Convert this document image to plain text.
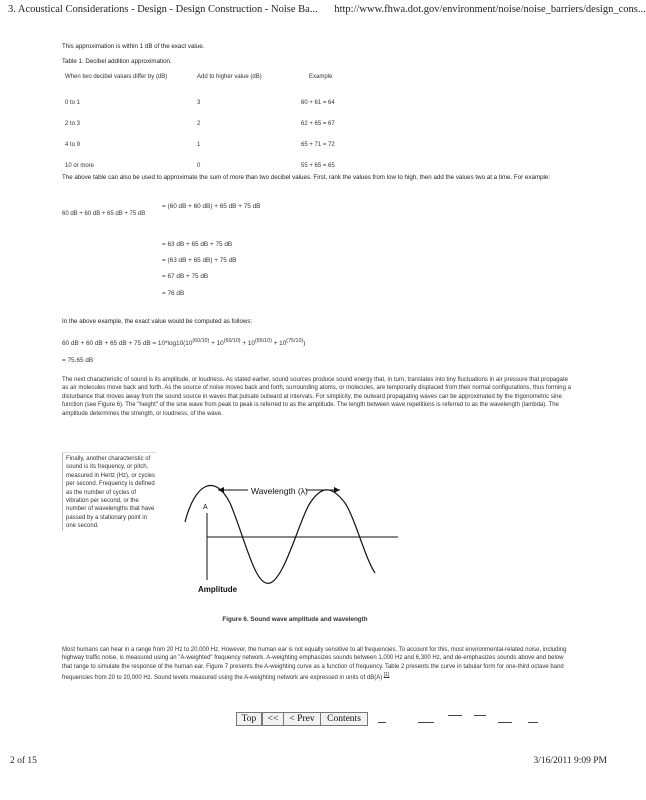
3. Acoustical Considerations - Design - Design Construction - Noise Ba... http://www.fhwa.dot.gov/environment/noise/noise_barriers/design_cons...
This approximation is within 1 dB of the exact value.
Table 1. Decibel addition approximation.
When two decibel values differ by (dB)	Add to higher value (dB)	Example
0 to 1	3	60 + 61 = 64
2 to 3	2	62 + 65 = 67
4 to 9	1	65 + 71 = 72
10 or more	0	55 + 65 = 65
The above table can also be used to approximate the sum of more than two decibel values. First, rank the values from low to high, then add the values two at a time. For example:
60 dB + 60 dB + 65 dB + 75 dB
= (60 dB + 60 dB) + 65 dB + 75 dB
= 63 dB + 65 dB + 75 dB
= (63 dB + 65 dB) + 75 dB
= 67 dB + 75 dB
= 76 dB
In the above example, the exact value would be computed as follows:
60 dB + 60 dB + 65 dB + 75 dB = $10*\log 10(10^{(60/10)} + 10^{(60/10)} + 10^{(65/10)} + 10^{(75/10)})$
= 75.65 dB
The next characteristic of sound is its amplitude, or loudness. As stated earlier, sound sources produce sound energy that, in turn, translates into tiny fluctuations in air pressure that propagate as air molecules move back and forth. As the source of noise moves back and forth, surrounding atoms, or molecules, are temporarily displaced from their normal configurations, thus forming a disturbance that moves away from the sound source in waves that pulsate outward at intervals. For simplicity, the outward propagating waves can be approximated by the trigonometric sine function (see Figure 6). The "height" of the sine wave from peak to peak is referred to as the amplitude. The length between wave repetitions is referred to as the wavelength (lambda). The amplitude determines the strength, or loudness, of the wave.
Finally, another characteristic of sound is its frequency, or pitch, measured in Hertz (Hz), or cycles per second. Frequency is defined as the number of cycles of vibration per second, or the number of wavelengths that have passed by a stationary point in one second.
A
Wavelength (λ)
Amplitude
Figure 6. Sound wave amplitude and wavelength
Most humans can hear in a range from 20 Hz to 20,000 Hz. However, the human ear is not equally sensitive to all frequencies. To account for this, most environmental-related noise, including highway traffic noise, is measured using an "A-weighted" frequency network. A-weighting emphasizes sounds between 1,000 Hz and 6,300 Hz, and de-emphasizes sounds above and below that range to simulate the response of the human ear. Figure 7 presents the A-weighting curve as a function of frequency. Table 2 presents the curve in tabular form for one-third octave band frequencies from 20 to 20,000 Hz. Sound levels measured using the A-weighting network are expressed in units of dB(A) [1]
Top	<<	< Prev	Contents
2 of 15	3/16/2011 9:09 PM
